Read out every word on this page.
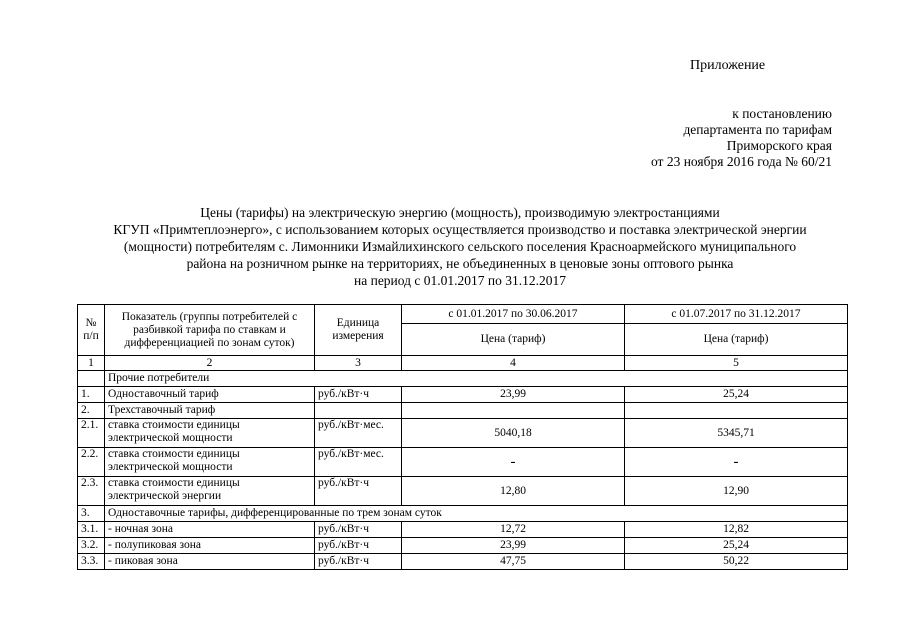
Приложение
к постановлению
департамента по тарифам
Приморского края
от 23 ноября 2016 года № 60/21
Цены (тарифы) на электрическую энергию (мощность), производимую электростанциями
КГУП «Примтеплоэнерго», с использованием которых осуществляется производство и поставка электрической энергии
(мощности) потребителям с. Лимонники Измайлихинского сельского поселения Красноармейского муниципального
района на розничном рынке на территориях, не объединенных в ценовые зоны оптового рынка
на период с 01.01.2017 по 31.12.2017
№ п/п	Показатель (группы потребителей с разбивкой тарифа по ставкам и дифференциацией по зонам суток)	Единица измерения	с 01.01.2017 по 30.06.2017	с 01.07.2017 по 31.12.2017
			Цена (тариф)	Цена (тариф)
1	2	3	4	5
	Прочие потребители			
1.	Одноставочный тариф	руб./кВт·ч	23,99	25,24
2.	Трехставочный тариф			
2.1.	ставка стоимости единицы электрической мощности	руб./кВт·мес.	5040,18	5345,71
2.2.	ставка стоимости единицы электрической мощности	руб./кВт·мес.	-	-
2.3.	ставка стоимости единицы электрической энергии	руб./кВт·ч	12,80	12,90
3.	Одноставочные тарифы, дифференцированные по трем зонам суток			
3.1.	- ночная зона	руб./кВт·ч	12,72	12,82
3.2.	- полупиковая зона	руб./кВт·ч	23,99	25,24
3.3.	- пиковая зона	руб./кВт·ч	47,75	50,22
